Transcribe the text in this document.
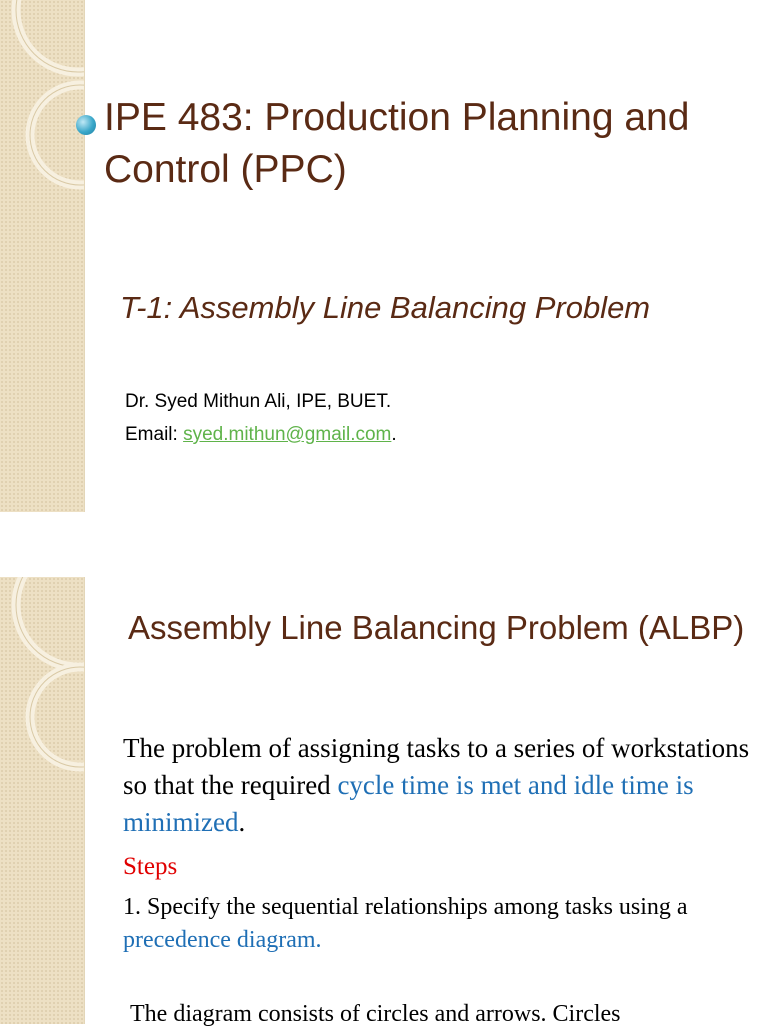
IPE 483: Production Planning and Control (PPC)
T-1: Assembly Line Balancing Problem
Dr. Syed Mithun Ali, IPE, BUET.
Email: syed.mithun@gmail.com.
Assembly Line Balancing Problem (ALBP)
The problem of assigning tasks to a series of workstations so that the required cycle time is met and idle time is minimized.
Steps
1. Specify the sequential relationships among tasks using a precedence diagram.
The diagram consists of circles and arrows. Circles
